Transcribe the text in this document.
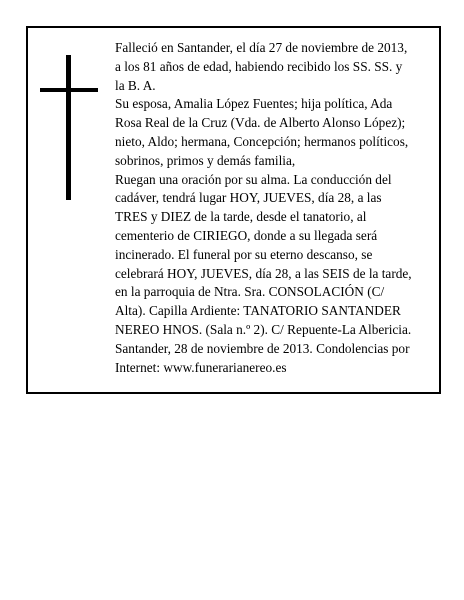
Falleció en Santander, el día 27 de noviembre de 2013,
a los 81 años de edad, habiendo recibido los SS. SS. y
la B. A.
Su esposa, Amalia López Fuentes; hija política, Ada
Rosa Real de la Cruz (Vda. de Alberto Alonso López);
nieto, Aldo; hermana, Concepción; hermanos políticos,
sobrinos, primos y demás familia,
Ruegan una oración por su alma. La conducción del
cadáver, tendrá lugar HOY, JUEVES, día 28, a las
TRES y DIEZ de la tarde, desde el tanatorio, al
cementerio de CIRIEGO, donde a su llegada será
incinerado. El funeral por su eterno descanso, se
celebrará HOY, JUEVES, día 28, a las SEIS de la tarde,
en la parroquia de Ntra. Sra. CONSOLACIÓN (C/
Alta). Capilla Ardiente: TANATORIO SANTANDER
NEREO HNOS. (Sala n.º 2). C/ Repuente-La Albericia.
Santander, 28 de noviembre de 2013. Condolencias por
Internet: www.funerarianereo.es
